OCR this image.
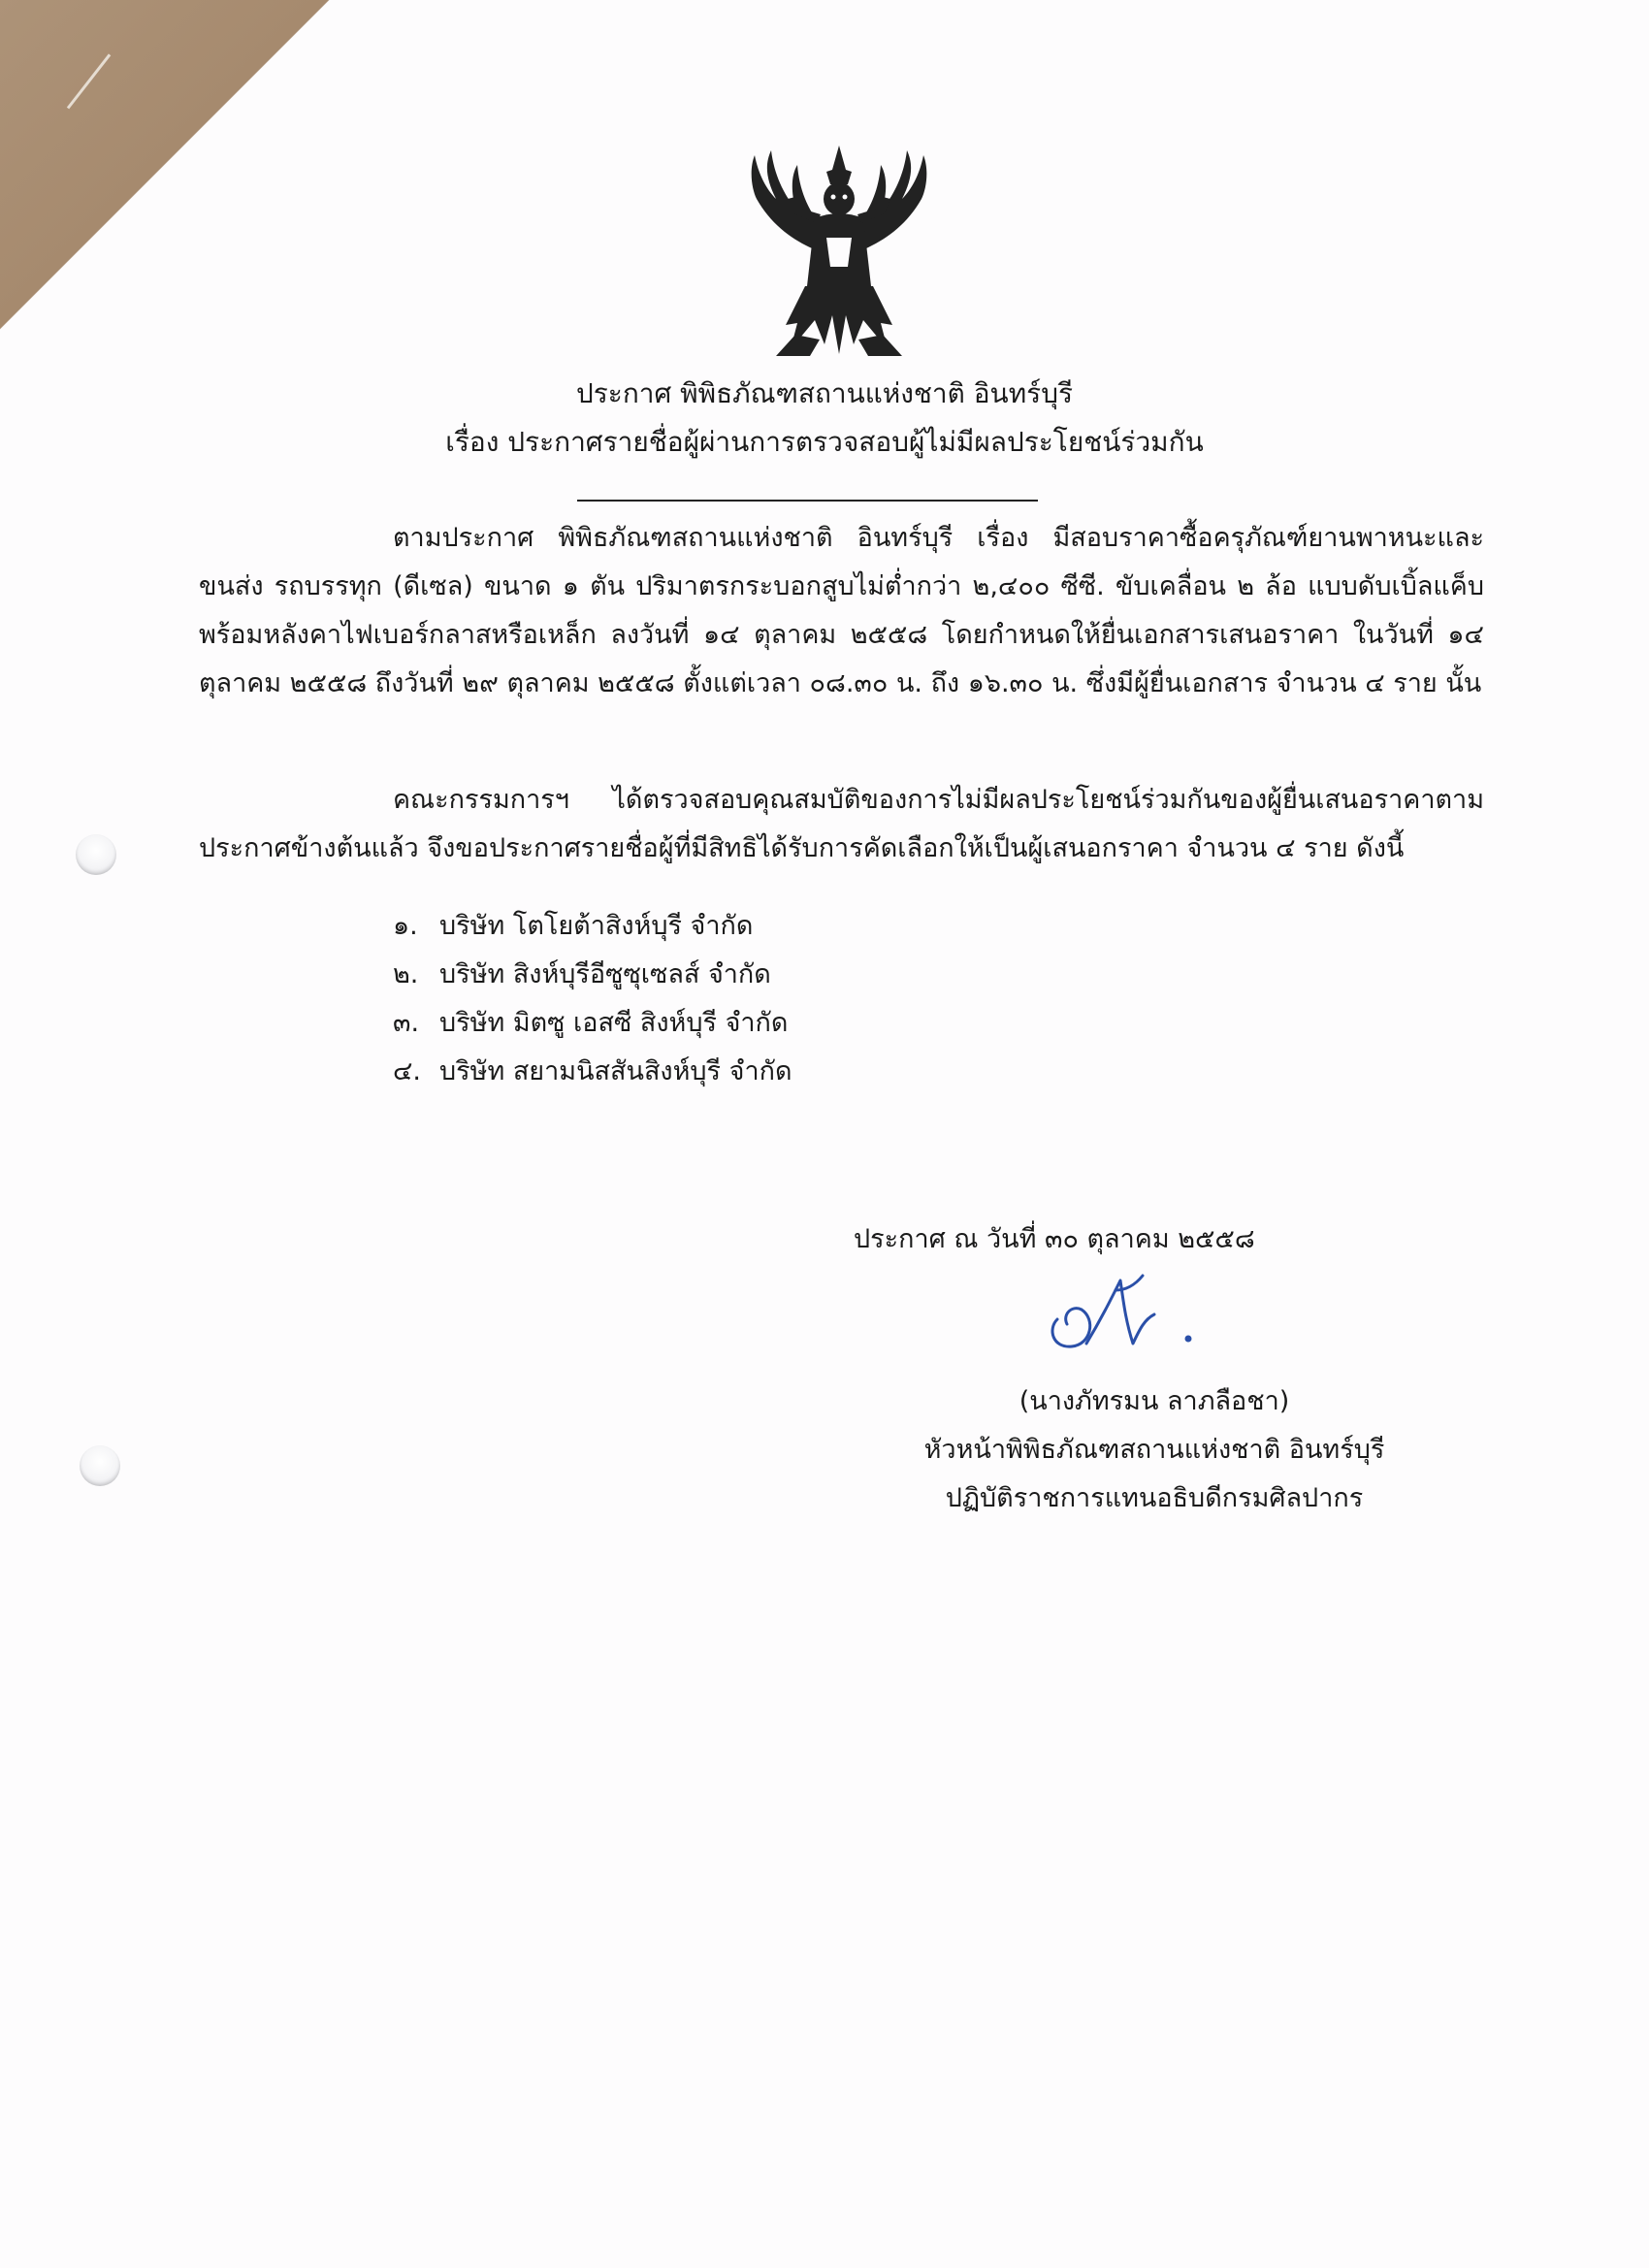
ประกาศ พิพิธภัณฑสถานแห่งชาติ อินทร์บุรี
เรื่อง ประกาศรายชื่อผู้ผ่านการตรวจสอบผู้ไม่มีผลประโยชน์ร่วมกัน
ตามประกาศ พิพิธภัณฑสถานแห่งชาติ อินทร์บุรี เรื่อง มีสอบราคาซื้อครุภัณฑ์ยานพาหนะและขนส่ง รถบรรทุก (ดีเซล) ขนาด ๑ ตัน ปริมาตรกระบอกสูบไม่ต่ำกว่า ๒,๔๐๐ ซีซี. ขับเคลื่อน ๒ ล้อ แบบดับเบิ้ลแค็บ พร้อมหลังคาไฟเบอร์กลาสหรือเหล็ก ลงวันที่ ๑๔ ตุลาคม ๒๕๕๘ โดยกำหนดให้ยื่นเอกสารเสนอราคา ในวันที่ ๑๔ ตุลาคม ๒๕๕๘ ถึงวันที่ ๒๙ ตุลาคม ๒๕๕๘ ตั้งแต่เวลา ๐๘.๓๐ น. ถึง ๑๖.๓๐ น. ซึ่งมีผู้ยื่นเอกสาร จำนวน ๔ ราย นั้น
คณะกรรมการฯ ได้ตรวจสอบคุณสมบัติของการไม่มีผลประโยชน์ร่วมกันของผู้ยื่นเสนอราคาตามประกาศข้างต้นแล้ว จึงขอประกาศรายชื่อผู้ที่มีสิทธิได้รับการคัดเลือกให้เป็นผู้เสนอกราคา จำนวน ๔ ราย ดังนี้
๑. บริษัท โตโยต้าสิงห์บุรี จำกัด
๒. บริษัท สิงห์บุรีอีซูซุเซลส์ จำกัด
๓. บริษัท มิตซู เอสซี สิงห์บุรี จำกัด
๔. บริษัท สยามนิสสันสิงห์บุรี จำกัด
ประกาศ ณ วันที่ ๓๐ ตุลาคม ๒๕๕๘
(นางภัทรมน ลาภลือชา)
หัวหน้าพิพิธภัณฑสถานแห่งชาติ อินทร์บุรี
ปฏิบัติราชการแทนอธิบดีกรมศิลปากร
